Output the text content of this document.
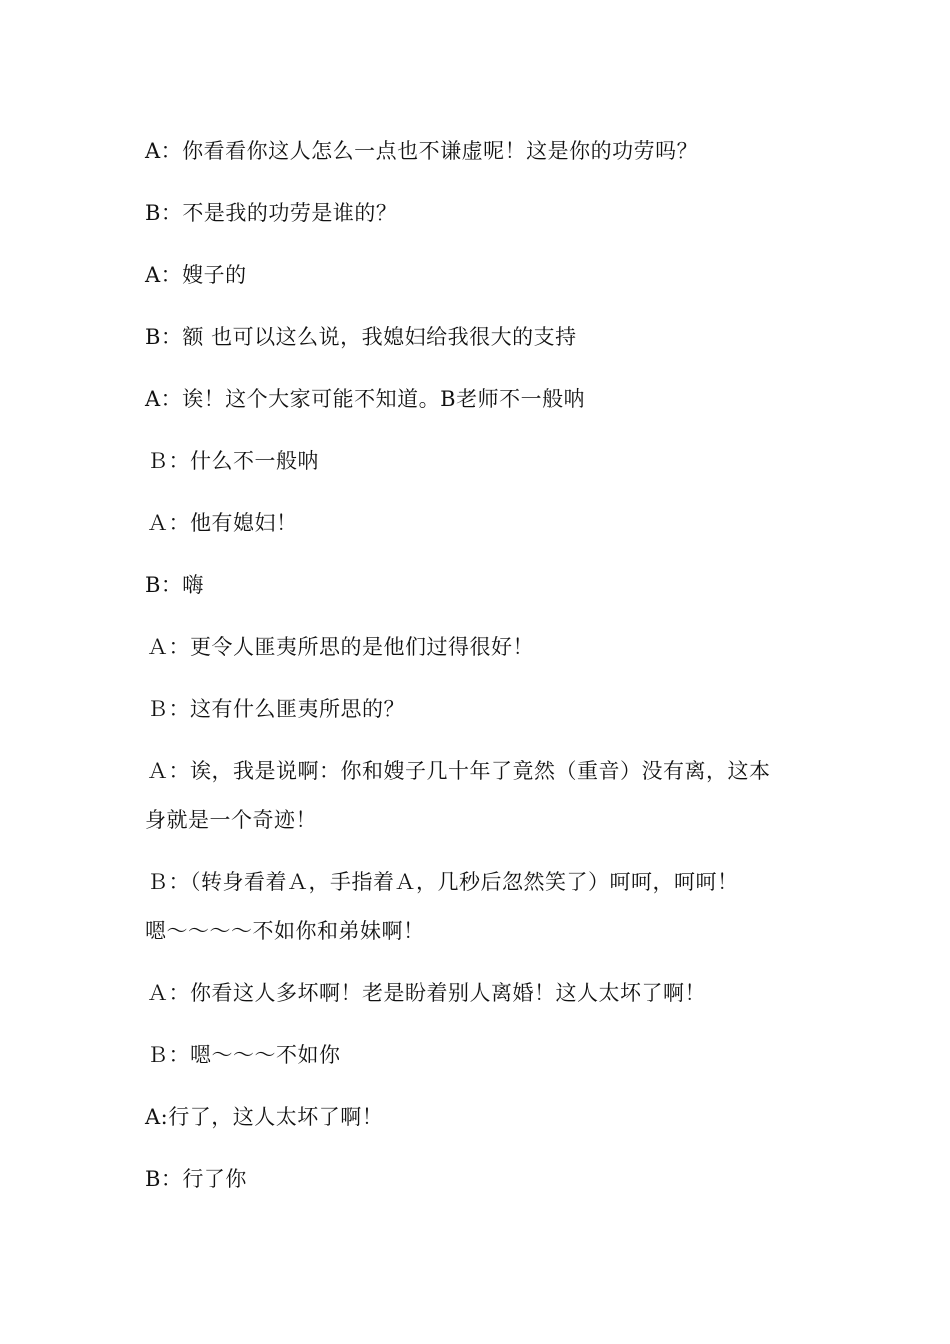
A：你看看你这人怎么一点也不谦虚呢！这是你的功劳吗？
B：不是我的功劳是谁的？
A：嫂子的
B：额 也可以这么说，我媳妇给我很大的支持
A：诶！这个大家可能不知道。B老师不一般呐
Ｂ：什么不一般呐
Ａ：他有媳妇！
B：嗨
Ａ：更令人匪夷所思的是他们过得很好！
Ｂ：这有什么匪夷所思的？
Ａ：诶，我是说啊：你和嫂子几十年了竟然（重音）没有离，这本
身就是一个奇迹！
Ｂ：（转身看着Ａ，手指着Ａ，几秒后忽然笑了）呵呵，呵呵！
嗯～～～～不如你和弟妹啊！
Ａ：你看这人多坏啊！老是盼着别人离婚！这人太坏了啊！
Ｂ：嗯～～～不如你
A:行了，这人太坏了啊！
B：行了你
